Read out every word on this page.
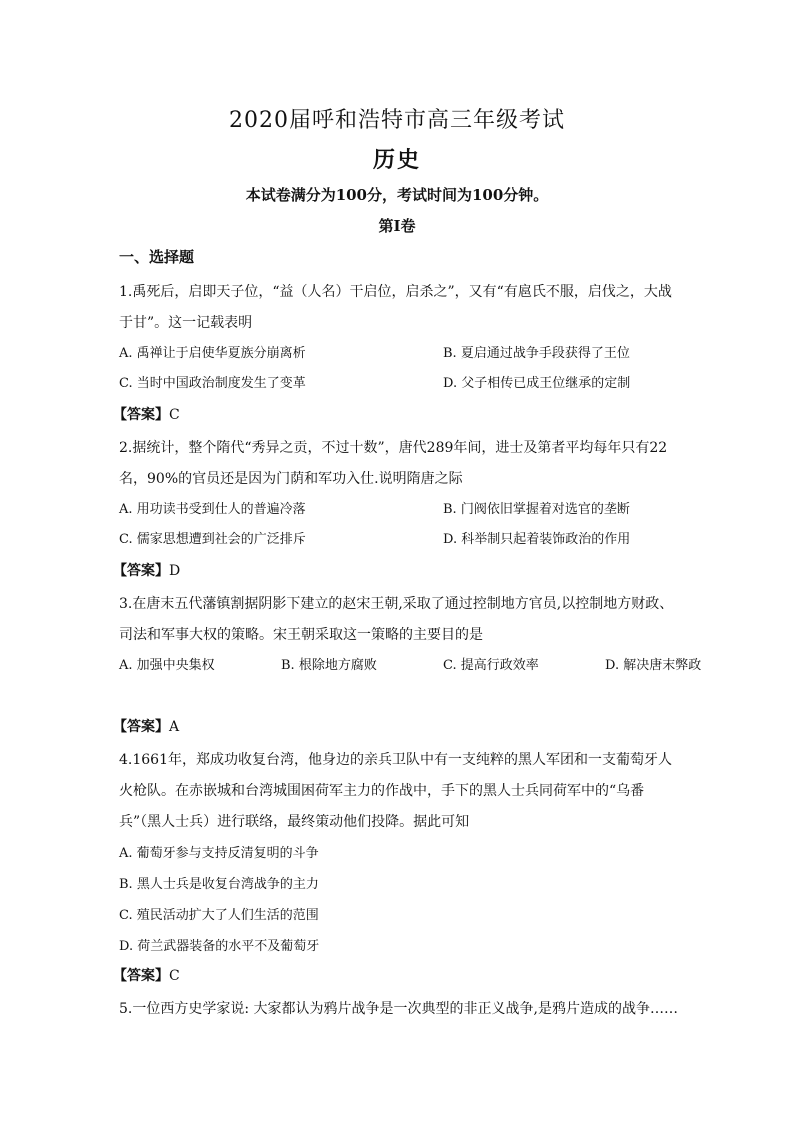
2020届呼和浩特市高三年级考试
历史
本试卷满分为100分，考试时间为100分钟。
第I卷
一、选择题
1.禹死后，启即天子位，“益（人名）干启位，启杀之”，又有“有扈氏不服，启伐之，大战于甘”。这一记载表明
A. 禹禅让于启使华夏族分崩离析	B. 夏启通过战争手段获得了王位
C. 当时中国政治制度发生了变革	D. 父子相传已成王位继承的定制
【答案】C
2.据统计，整个隋代“秀异之贡，不过十数”，唐代289年间，进士及第者平均每年只有22名，90%的官员还是因为门荫和军功入仕.说明隋唐之际
A. 用功读书受到仕人的普遍冷落	B. 门阀依旧掌握着对选官的垄断
C. 儒家思想遭到社会的广泛排斥	D. 科举制只起着装饰政治的作用
【答案】D
3.在唐末五代藩镇割据阴影下建立的赵宋王朝,采取了通过控制地方官员,以控制地方财政、司法和军事大权的策略。宋王朝采取这一策略的主要目的是
A. 加强中央集权	B. 根除地方腐败	C. 提高行政效率	D. 解决唐末弊政
【答案】A
4.1661年，郑成功收复台湾，他身边的亲兵卫队中有一支纯粹的黑人军团和一支葡萄牙人火枪队。在赤嵌城和台湾城围困荷军主力的作战中，手下的黑人士兵同荷军中的“乌番兵”（黑人士兵）进行联络，最终策动他们投降。据此可知
A. 葡萄牙参与支持反清复明的斗争
B. 黑人士兵是收复台湾战争的主力
C. 殖民活动扩大了人们生活的范围
D. 荷兰武器装备的水平不及葡萄牙
【答案】C
5.一位西方史学家说: 大家都认为鸦片战争是一次典型的非正义战争,是鸦片造成的战争……
